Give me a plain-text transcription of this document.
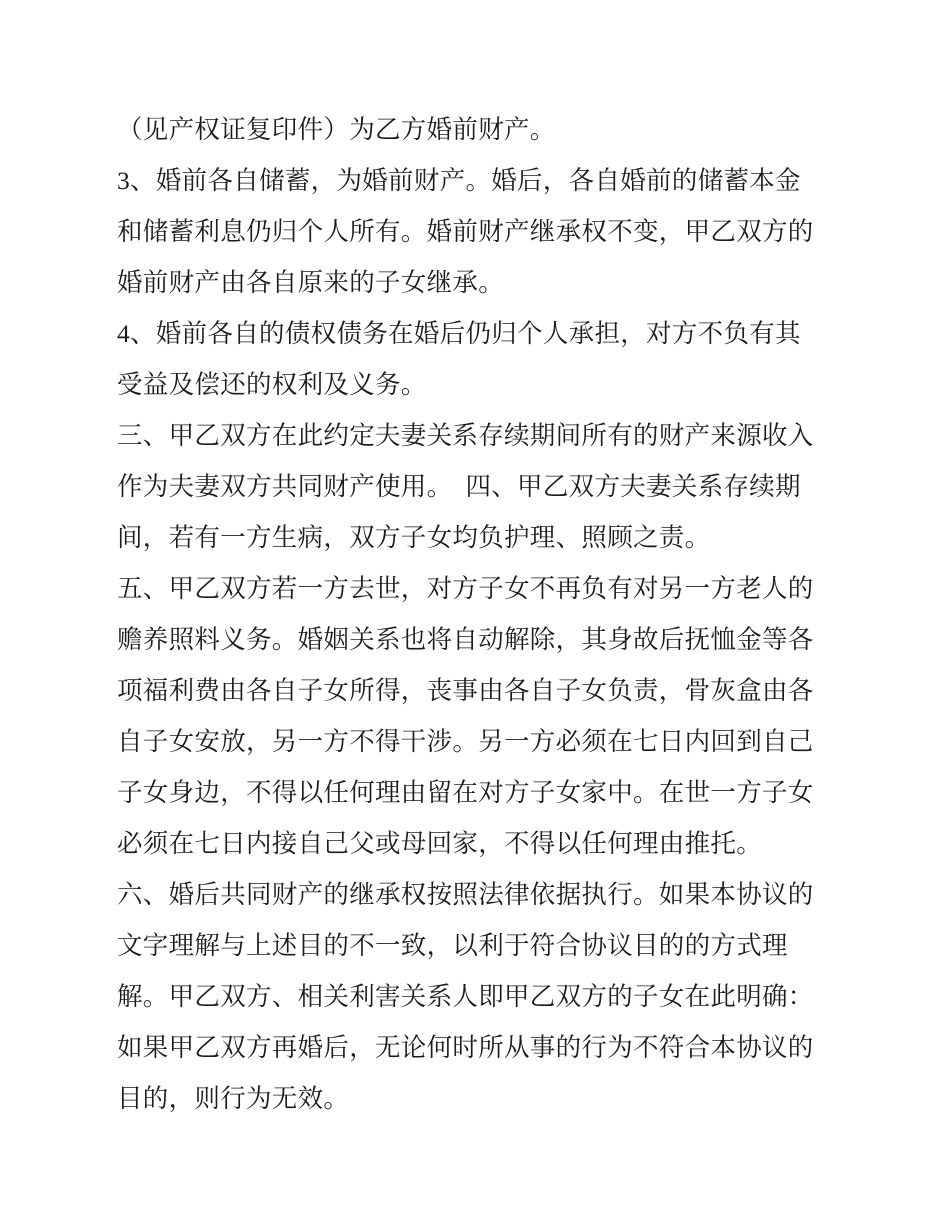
（见产权证复印件）为乙方婚前财产。
3、婚前各自储蓄，为婚前财产。婚后，各自婚前的储蓄本金
和储蓄利息仍归个人所有。婚前财产继承权不变，甲乙双方的
婚前财产由各自原来的子女继承。
4、婚前各自的债权债务在婚后仍归个人承担，对方不负有其
受益及偿还的权利及义务。
三、甲乙双方在此约定夫妻关系存续期间所有的财产来源收入
作为夫妻双方共同财产使用。　四、甲乙双方夫妻关系存续期
间，若有一方生病，双方子女均负护理、照顾之责。
五、甲乙双方若一方去世，对方子女不再负有对另一方老人的
赡养照料义务。婚姻关系也将自动解除，其身故后抚恤金等各
项福利费由各自子女所得，丧事由各自子女负责，骨灰盒由各
自子女安放，另一方不得干涉。另一方必须在七日内回到自己
子女身边，不得以任何理由留在对方子女家中。在世一方子女
必须在七日内接自己父或母回家，不得以任何理由推托。
六、婚后共同财产的继承权按照法律依据执行。如果本协议的
文字理解与上述目的不一致，以利于符合协议目的的方式理
解。甲乙双方、相关利害关系人即甲乙双方的子女在此明确：
如果甲乙双方再婚后，无论何时所从事的行为不符合本协议的
目的，则行为无效。
